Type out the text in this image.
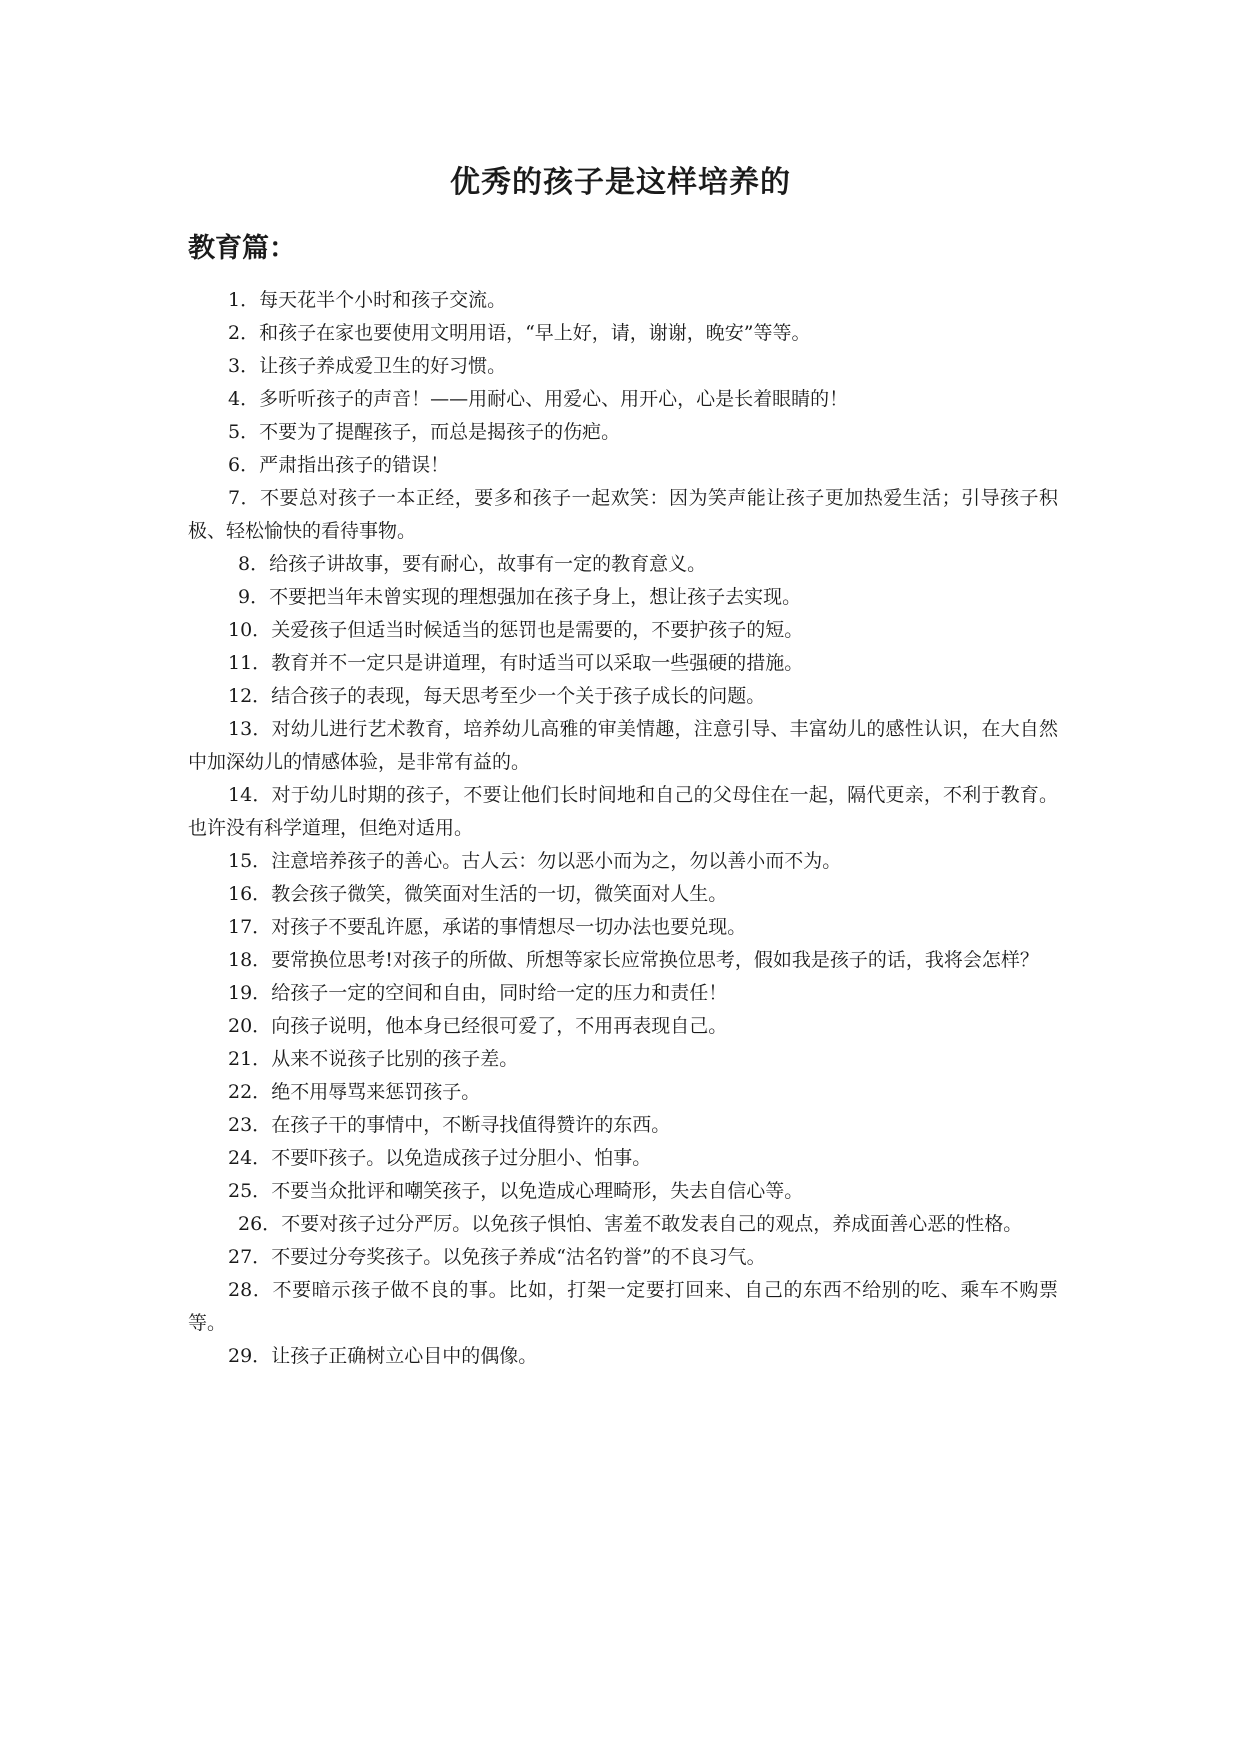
优秀的孩子是这样培养的
教育篇：
1．每天花半个小时和孩子交流。
2．和孩子在家也要使用文明用语，“早上好，请，谢谢，晚安”等等。
3．让孩子养成爱卫生的好习惯。
4．多听听孩子的声音！——用耐心、用爱心、用开心，心是长着眼睛的！
5．不要为了提醒孩子，而总是揭孩子的伤疤。
6．严肃指出孩子的错误！
7．不要总对孩子一本正经，要多和孩子一起欢笑：因为笑声能让孩子更加热爱生活；引导孩子积极、轻松愉快的看待事物。
8．给孩子讲故事，要有耐心，故事有一定的教育意义。
9．不要把当年未曾实现的理想强加在孩子身上，想让孩子去实现。
10．关爱孩子但适当时候适当的惩罚也是需要的，不要护孩子的短。
11．教育并不一定只是讲道理，有时适当可以采取一些强硬的措施。
12．结合孩子的表现，每天思考至少一个关于孩子成长的问题。
13．对幼儿进行艺术教育，培养幼儿高雅的审美情趣，注意引导、丰富幼儿的感性认识，在大自然中加深幼儿的情感体验，是非常有益的。
14．对于幼儿时期的孩子，不要让他们长时间地和自己的父母住在一起，隔代更亲，不利于教育。也许没有科学道理，但绝对适用。
15．注意培养孩子的善心。古人云：勿以恶小而为之，勿以善小而不为。
16．教会孩子微笑，微笑面对生活的一切，微笑面对人生。
17．对孩子不要乱许愿，承诺的事情想尽一切办法也要兑现。
18．要常换位思考!对孩子的所做、所想等家长应常换位思考，假如我是孩子的话，我将会怎样？
19．给孩子一定的空间和自由，同时给一定的压力和责任！
20．向孩子说明，他本身已经很可爱了，不用再表现自己。
21．从来不说孩子比别的孩子差。
22．绝不用辱骂来惩罚孩子。
23．在孩子干的事情中，不断寻找值得赞许的东西。
24．不要吓孩子。以免造成孩子过分胆小、怕事。
25．不要当众批评和嘲笑孩子，以免造成心理畸形，失去自信心等。
26．不要对孩子过分严厉。以免孩子惧怕、害羞不敢发表自己的观点，养成面善心恶的性格。
27．不要过分夸奖孩子。以免孩子养成“沽名钓誉”的不良习气。
28．不要暗示孩子做不良的事。比如，打架一定要打回来、自己的东西不给别的吃、乘车不购票等。
29．让孩子正确树立心目中的偶像。
